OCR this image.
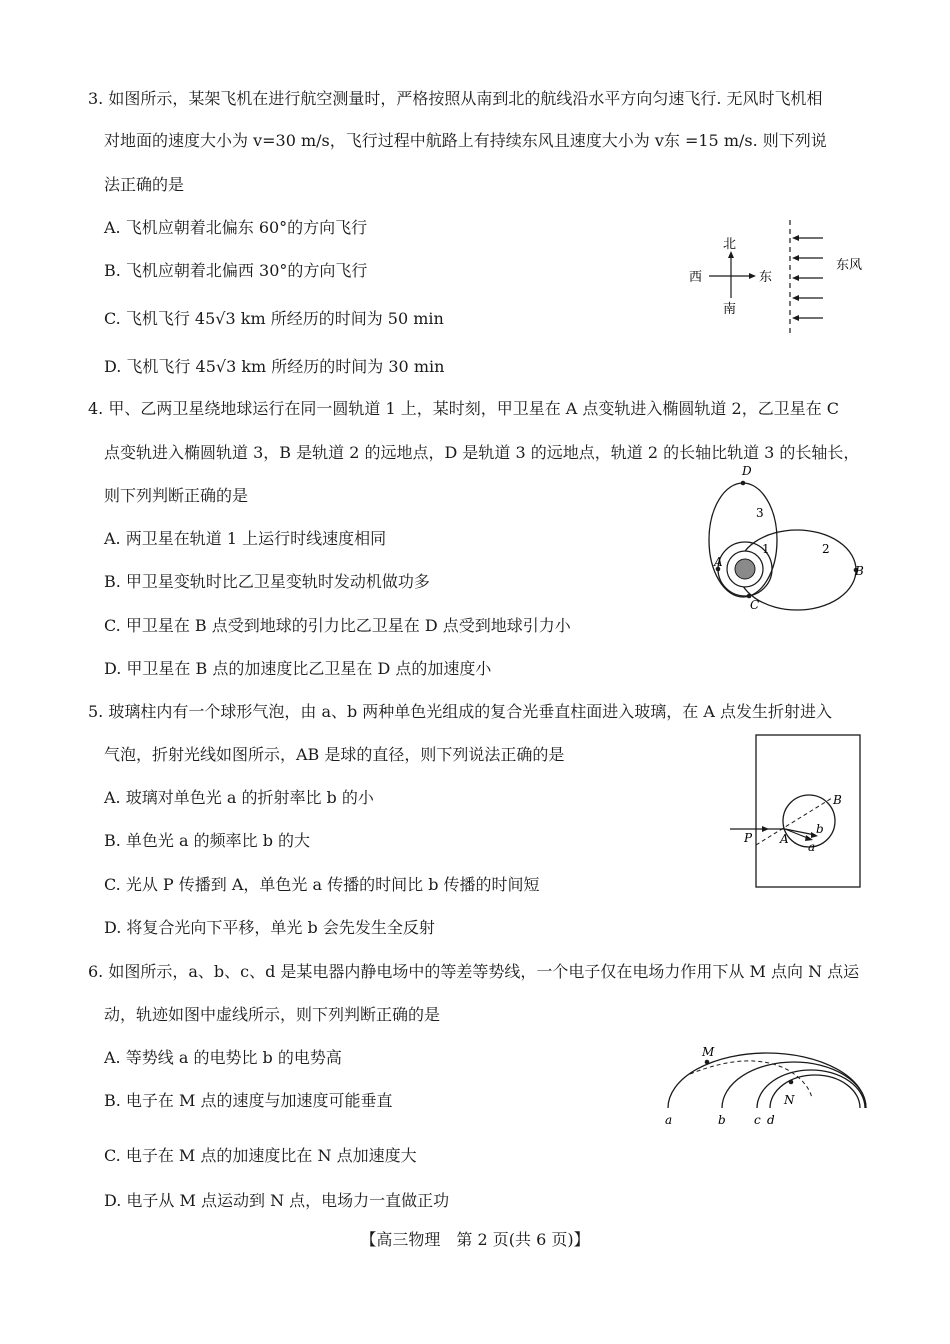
3. 如图所示，某架飞机在进行航空测量时，严格按照从南到北的航线沿水平方向匀速飞行. 无风时飞机相
对地面的速度大小为 v=30 m/s，飞行过程中航路上有持续东风且速度大小为 v东 =15 m/s. 则下列说
法正确的是
A. 飞机应朝着北偏东 60°的方向飞行
B. 飞机应朝着北偏西 30°的方向飞行
C. 飞机飞行 45√3 km 所经历的时间为 50 min
D. 飞机飞行 45√3 km 所经历的时间为 30 min
北
南
西	东
东风
4. 甲、乙两卫星绕地球运行在同一圆轨道 1 上，某时刻，甲卫星在 A 点变轨进入椭圆轨道 2，乙卫星在 C
点变轨进入椭圆轨道 3，B 是轨道 2 的远地点，D 是轨道 3 的远地点，轨道 2 的长轴比轨道 3 的长轴长，
则下列判断正确的是
A. 两卫星在轨道 1 上运行时线速度相同
B. 甲卫星变轨时比乙卫星变轨时发动机做功多
C. 甲卫星在 B 点受到地球的引力比乙卫星在 D 点受到地球引力小
D. 甲卫星在 B 点的加速度比乙卫星在 D 点的加速度小
D
3
1	2
A
B
C
5. 玻璃柱内有一个球形气泡，由 a、b 两种单色光组成的复合光垂直柱面进入玻璃，在 A 点发生折射进入
气泡，折射光线如图所示，AB 是球的直径，则下列说法正确的是
A. 玻璃对单色光 a 的折射率比 b 的小
B. 单色光 a 的频率比 b 的大
C. 光从 P 传播到 A，单色光 a 传播的时间比 b 传播的时间短
D. 将复合光向下平移，单光 b 会先发生全反射
B
P A
b
a
6. 如图所示，a、b、c、d 是某电器内静电场中的等差等势线，一个电子仅在电场力作用下从 M 点向 N 点运
动，轨迹如图中虚线所示，则下列判断正确的是
A. 等势线 a 的电势比 b 的电势高
B. 电子在 M 点的速度与加速度可能垂直
C. 电子在 M 点的加速度比在 N 点加速度大
D. 电子从 M 点运动到 N 点，电场力一直做正功
M
a	b c d
N
【高三物理　第 2 页(共 6 页)】
